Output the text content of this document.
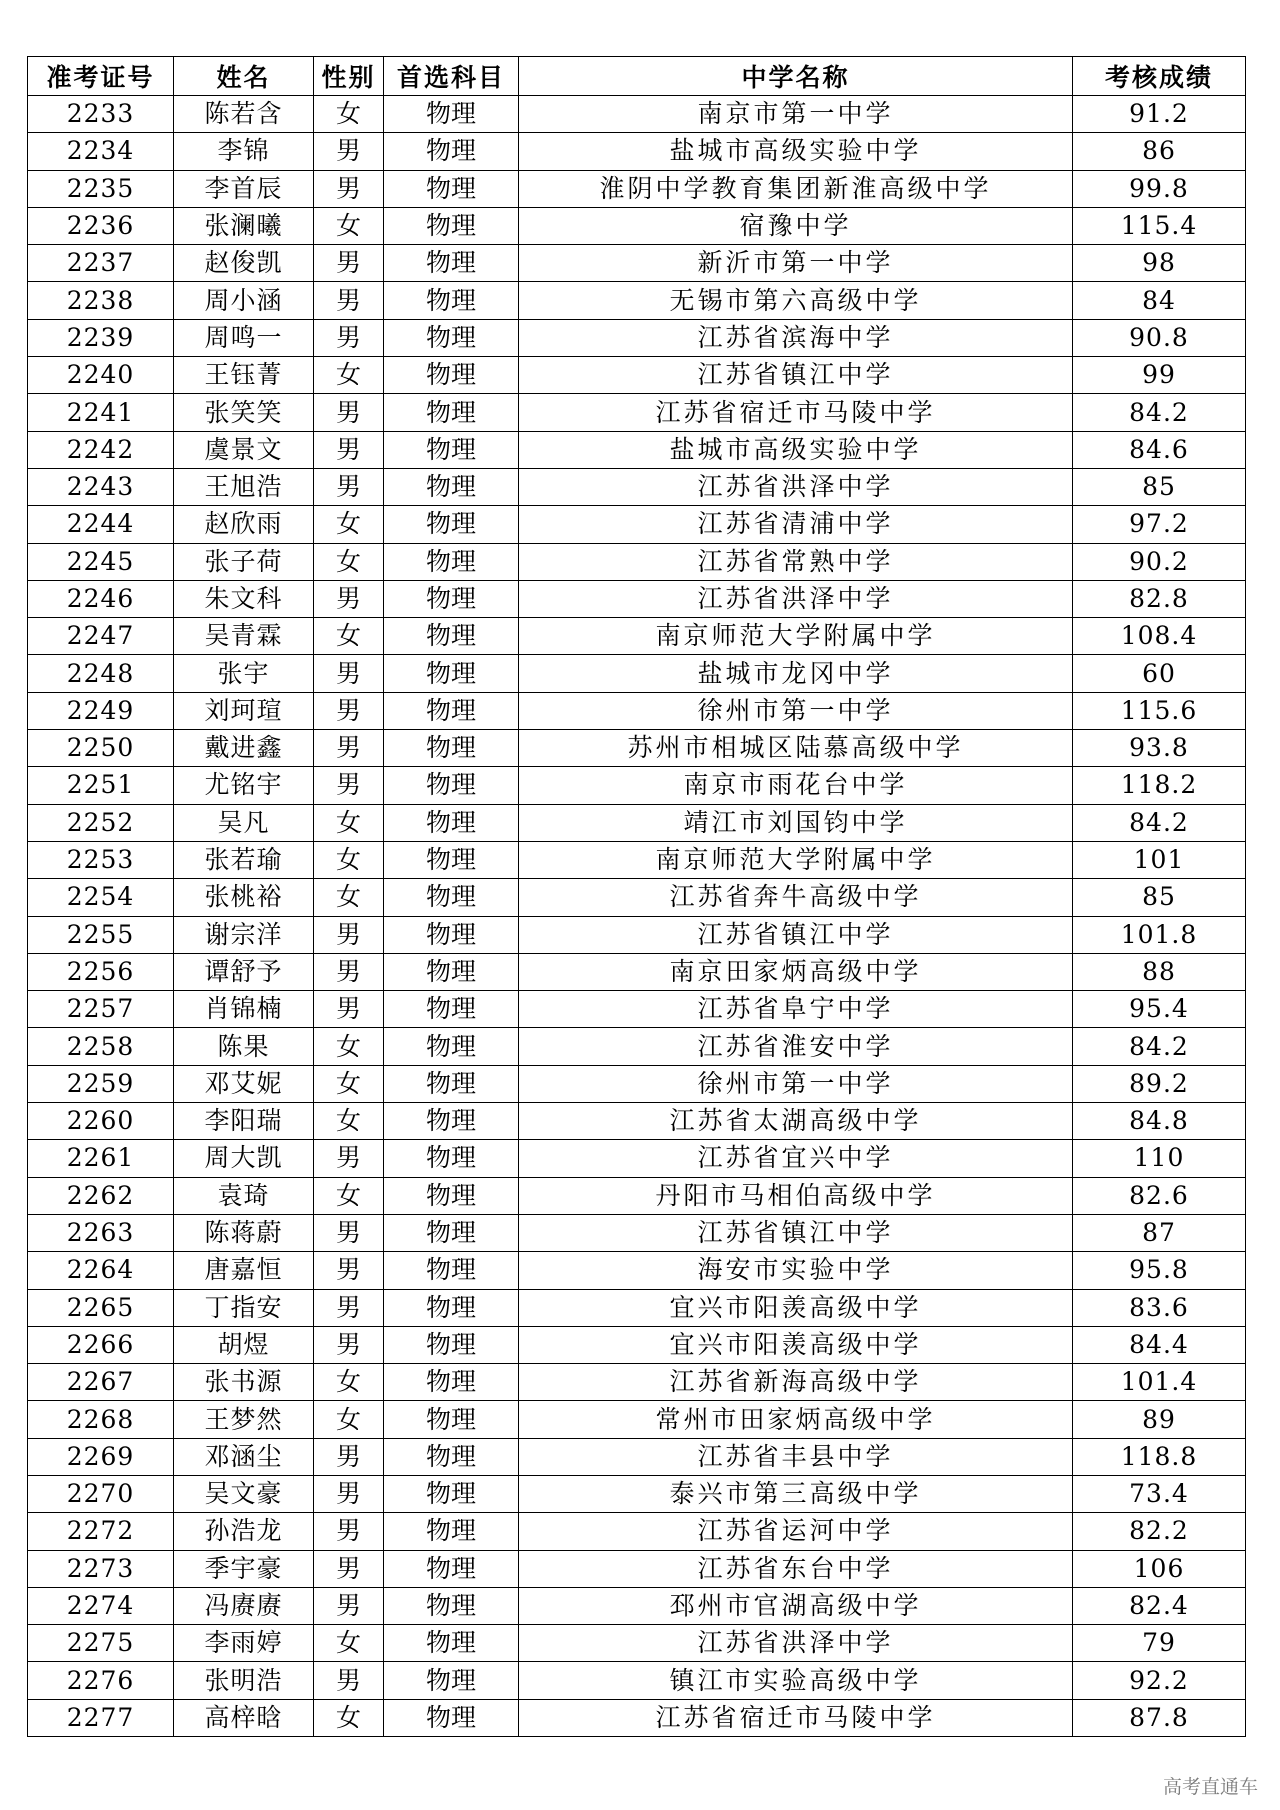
准考证号	姓名	性别	首选科目	中学名称	考核成绩
2233	陈若含	女	物理	南京市第一中学	91.2
2234	李锦	男	物理	盐城市高级实验中学	86
2235	李首辰	男	物理	淮阴中学教育集团新淮高级中学	99.8
2236	张澜曦	女	物理	宿豫中学	115.4
2237	赵俊凯	男	物理	新沂市第一中学	98
2238	周小涵	男	物理	无锡市第六高级中学	84
2239	周鸣一	男	物理	江苏省滨海中学	90.8
2240	王钰菁	女	物理	江苏省镇江中学	99
2241	张笑笑	男	物理	江苏省宿迁市马陵中学	84.2
2242	虞景文	男	物理	盐城市高级实验中学	84.6
2243	王旭浩	男	物理	江苏省洪泽中学	85
2244	赵欣雨	女	物理	江苏省清浦中学	97.2
2245	张子荷	女	物理	江苏省常熟中学	90.2
2246	朱文科	男	物理	江苏省洪泽中学	82.8
2247	吴青霖	女	物理	南京师范大学附属中学	108.4
2248	张宇	男	物理	盐城市龙冈中学	60
2249	刘珂瑄	男	物理	徐州市第一中学	115.6
2250	戴进鑫	男	物理	苏州市相城区陆慕高级中学	93.8
2251	尤铭宇	男	物理	南京市雨花台中学	118.2
2252	吴凡	女	物理	靖江市刘国钧中学	84.2
2253	张若瑜	女	物理	南京师范大学附属中学	101
2254	张桃裕	女	物理	江苏省奔牛高级中学	85
2255	谢宗洋	男	物理	江苏省镇江中学	101.8
2256	谭舒予	男	物理	南京田家炳高级中学	88
2257	肖锦楠	男	物理	江苏省阜宁中学	95.4
2258	陈果	女	物理	江苏省淮安中学	84.2
2259	邓艾妮	女	物理	徐州市第一中学	89.2
2260	李阳瑞	女	物理	江苏省太湖高级中学	84.8
2261	周大凯	男	物理	江苏省宜兴中学	110
2262	袁琦	女	物理	丹阳市马相伯高级中学	82.6
2263	陈蒋蔚	男	物理	江苏省镇江中学	87
2264	唐嘉恒	男	物理	海安市实验中学	95.8
2265	丁指安	男	物理	宜兴市阳羡高级中学	83.6
2266	胡煜	男	物理	宜兴市阳羡高级中学	84.4
2267	张书源	女	物理	江苏省新海高级中学	101.4
2268	王梦然	女	物理	常州市田家炳高级中学	89
2269	邓涵尘	男	物理	江苏省丰县中学	118.8
2270	吴文豪	男	物理	泰兴市第三高级中学	73.4
2272	孙浩龙	男	物理	江苏省运河中学	82.2
2273	季宇豪	男	物理	江苏省东台中学	106
2274	冯赓赓	男	物理	邳州市官湖高级中学	82.4
2275	李雨婷	女	物理	江苏省洪泽中学	79
2276	张明浩	男	物理	镇江市实验高级中学	92.2
2277	高梓晗	女	物理	江苏省宿迁市马陵中学	87.8
高考直通车
